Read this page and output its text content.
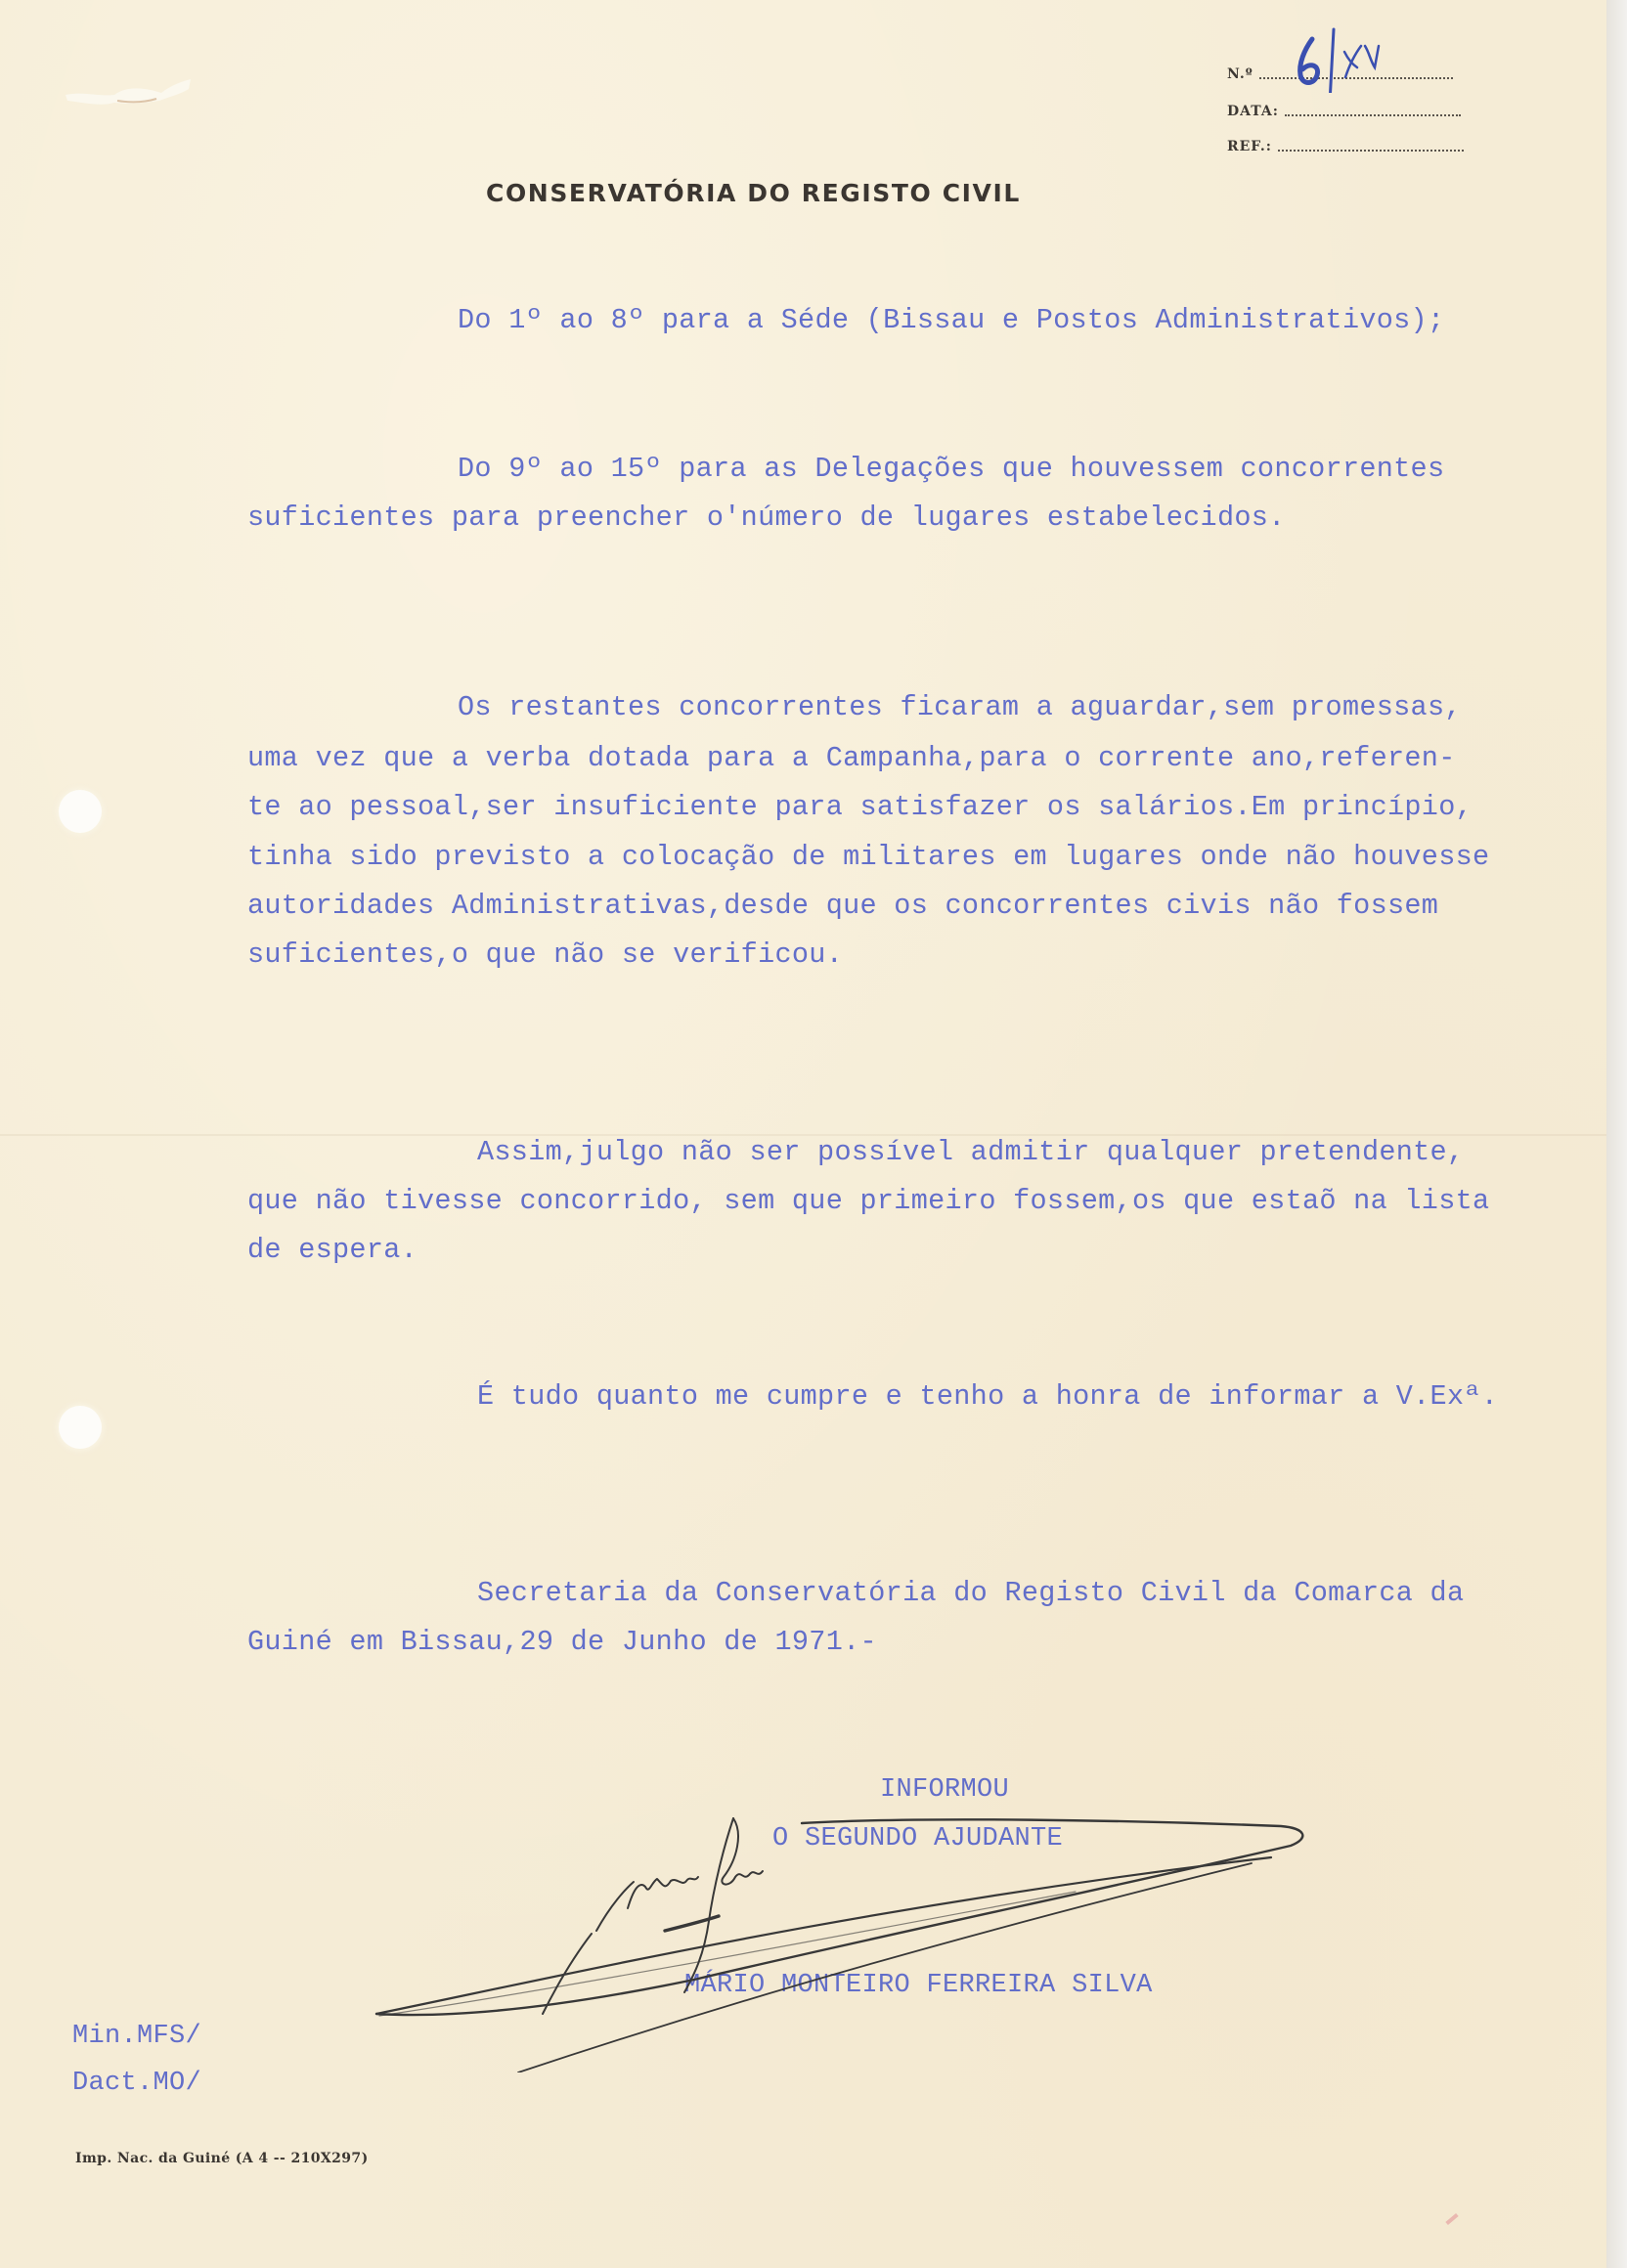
N.º
DATA:
REF.:
CONSERVATÓRIA DO REGISTO CIVIL
Do 1º ao 8º para a Séde (Bissau e Postos Administrativos);
Do 9º ao 15º para as Delegações que houvessem concorrentes
suficientes para preencher o'número de lugares estabelecidos.
Os restantes concorrentes ficaram a aguardar,sem promessas,
uma vez que a verba dotada para a Campanha,para o corrente ano,referen-
te ao pessoal,ser insuficiente para satisfazer os salários.Em princípio,
tinha sido previsto a colocação de militares em lugares onde não houvesse
autoridades Administrativas,desde que os concorrentes civis não fossem
suficientes,o que não se verificou.
Assim,julgo não ser possível admitir qualquer pretendente,
que não tivesse concorrido, sem que primeiro fossem,os que estaõ na lista
de espera.
É tudo quanto me cumpre e tenho a honra de informar a V.Exª.
Secretaria da Conservatória do Registo Civil da Comarca da
Guiné em Bissau,29 de Junho de 1971.-
INFORMOU
O SEGUNDO AJUDANTE
MÁRIO MONTEIRO FERREIRA SILVA
Min.MFS/
Dact.MO/
Imp. Nac. da Guiné (A 4 -- 210X297)
